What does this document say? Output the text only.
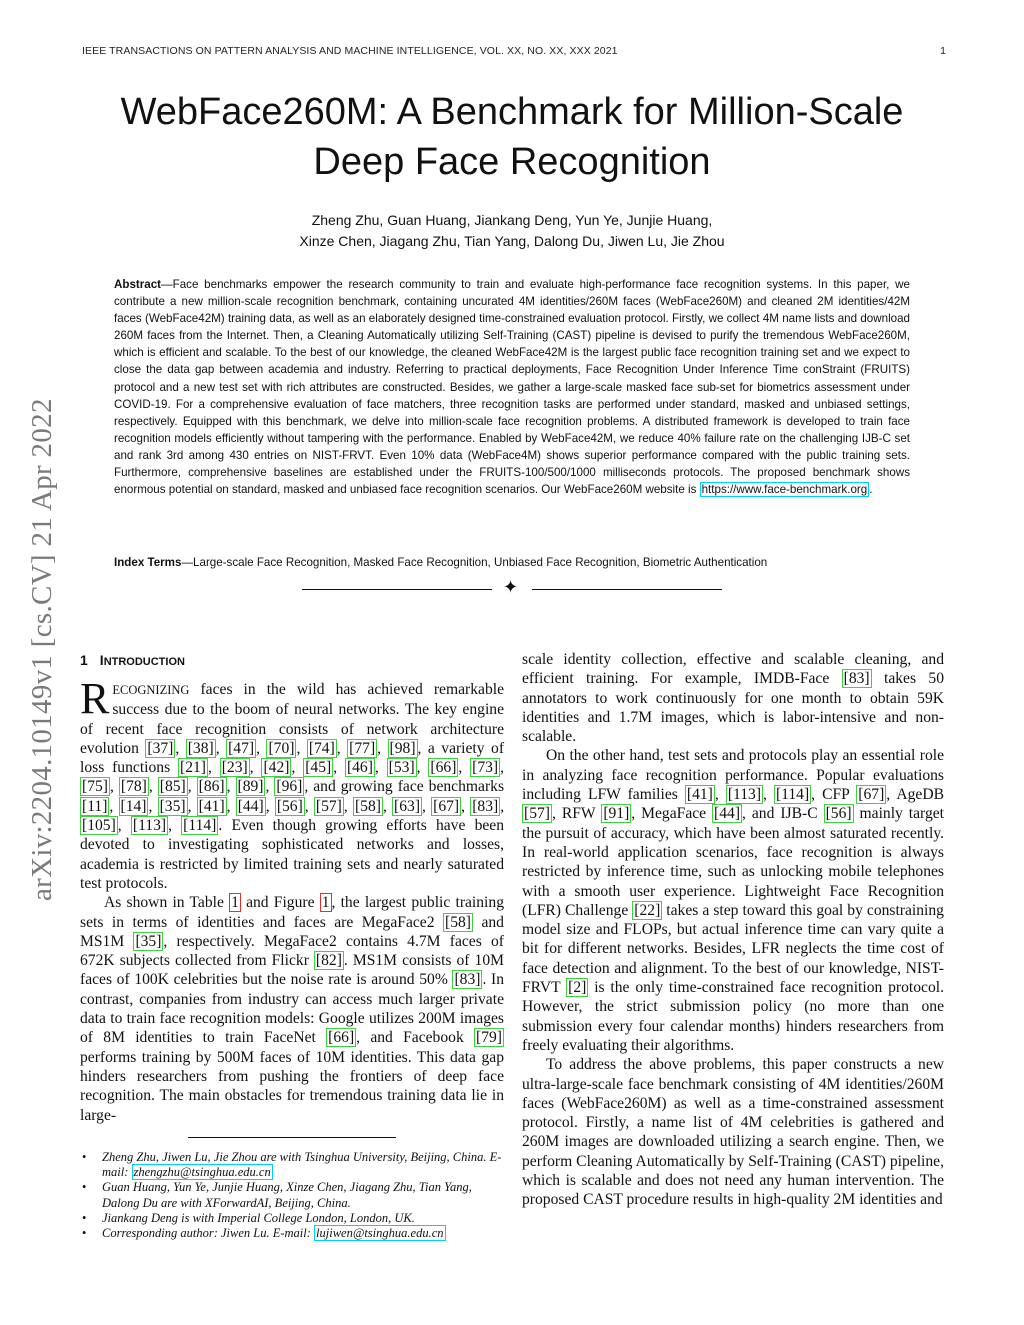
IEEE TRANSACTIONS ON PATTERN ANALYSIS AND MACHINE INTELLIGENCE, VOL. XX, NO. XX, XXX 2021	1
WebFace260M: A Benchmark for Million-Scale
Deep Face Recognition
Zheng Zhu, Guan Huang, Jiankang Deng, Yun Ye, Junjie Huang,
Xinze Chen, Jiagang Zhu, Tian Yang, Dalong Du, Jiwen Lu, Jie Zhou
Abstract—Face benchmarks empower the research community to train and evaluate high-performance face recognition systems. In this paper, we contribute a new million-scale recognition benchmark, containing uncurated 4M identities/260M faces (WebFace260M) and cleaned 2M identities/42M faces (WebFace42M) training data, as well as an elaborately designed time-constrained evaluation protocol. Firstly, we collect 4M name lists and download 260M faces from the Internet. Then, a Cleaning Automatically utilizing Self-Training (CAST) pipeline is devised to purify the tremendous WebFace260M, which is efficient and scalable. To the best of our knowledge, the cleaned WebFace42M is the largest public face recognition training set and we expect to close the data gap between academia and industry. Referring to practical deployments, Face Recognition Under Inference Time conStraint (FRUITS) protocol and a new test set with rich attributes are constructed. Besides, we gather a large-scale masked face sub-set for biometrics assessment under COVID-19. For a comprehensive evaluation of face matchers, three recognition tasks are performed under standard, masked and unbiased settings, respectively. Equipped with this benchmark, we delve into million-scale face recognition problems. A distributed framework is developed to train face recognition models efficiently without tampering with the performance. Enabled by WebFace42M, we reduce 40% failure rate on the challenging IJB-C set and rank 3rd among 430 entries on NIST-FRVT. Even 10% data (WebFace4M) shows superior performance compared with the public training sets. Furthermore, comprehensive baselines are established under the FRUITS-100/500/1000 milliseconds protocols. The proposed benchmark shows enormous potential on standard, masked and unbiased face recognition scenarios. Our WebFace260M website is https://www.face-benchmark.org .
Index Terms—Large-scale Face Recognition, Masked Face Recognition, Unbiased Face Recognition, Biometric Authentication
✦
arXiv:2204.10149v1 [cs.CV] 21 Apr 2022	1 INTRODUCTION

RECOGNIZING faces in the wild has achieved remarkable success due to the boom of neural networks. The key engine of recent face recognition consists of network architecture evolution [37] , [38] , [47] , [70] , [74] , [77] , [98] , a variety of loss functions [21] , [23] , [42] , [45] , [46] , [53] , [66] , [73] , [75] , [78] , [85] , [86] , [89] , [96] , and growing face benchmarks [11] , [14] , [35] , [41] , [44] , [56] , [57] , [58] , [63] , [67] , [83] , [105] , [113] , [114] . Even though growing efforts have been devoted to investigating sophisticated networks and losses, academia is restricted by limited training sets and nearly saturated test protocols.

As shown in Table 1 and Figure 1 , the largest public training sets in terms of identities and faces are MegaFace2 [58] and MS1M [35] , respectively. MegaFace2 contains 4.7M faces of 672K subjects collected from Flickr [82] . MS1M consists of 10M faces of 100K celebrities but the noise rate is around 50% [83] . In contrast, companies from industry can access much larger private data to train face recognition models: Google utilizes 200M images of 8M identities to train FaceNet [66] , and Facebook [79] performs training by 500M faces of 10M identities. This data gap hinders researchers from pushing the frontiers of deep face recognition. The main obstacles for tremendous training data lie in large-

• Zheng Zhu, Jiwen Lu, Jie Zhou are with Tsinghua University, Beijing, China. E-mail: zhengzhu@tsinghua.edu.cn
• Guan Huang, Yun Ye, Junjie Huang, Xinze Chen, Jiagang Zhu, Tian Yang, Dalong Du are with XForwardAI, Beijing, China.
• Jiankang Deng is with Imperial College London, London, UK.
• Corresponding author: Jiwen Lu. E-mail: lujiwen@tsinghua.edu.cn

scale identity collection, effective and scalable cleaning, and efficient training. For example, IMDB-Face [83] takes 50 annotators to work continuously for one month to obtain 59K identities and 1.7M images, which is labor-intensive and non-scalable.

On the other hand, test sets and protocols play an essential role in analyzing face recognition performance. Popular evaluations including LFW families [41] , [113] , [114] , CFP [67] , AgeDB [57] , RFW [91] , MegaFace [44] , and IJB-C [56] mainly target the pursuit of accuracy, which have been almost saturated recently. In real-world application scenarios, face recognition is always restricted by inference time, such as unlocking mobile telephones with a smooth user experience. Lightweight Face Recognition (LFR) Challenge [22] takes a step toward this goal by constraining model size and FLOPs, but actual inference time can vary quite a bit for different networks. Besides, LFR neglects the time cost of face detection and alignment. To the best of our knowledge, NIST-FRVT [2] is the only time-constrained face recognition protocol. However, the strict submission policy (no more than one submission every four calendar months) hinders researchers from freely evaluating their algorithms.

To address the above problems, this paper constructs a new ultra-large-scale face benchmark consisting of 4M identities/260M faces (WebFace260M) as well as a time-constrained assessment protocol. Firstly, a name list of 4M celebrities is gathered and 260M images are downloaded utilizing a search engine. Then, we perform Cleaning Automatically by Self-Training (CAST) pipeline, which is scalable and does not need any human intervention. The proposed CAST procedure results in high-quality 2M identities and
